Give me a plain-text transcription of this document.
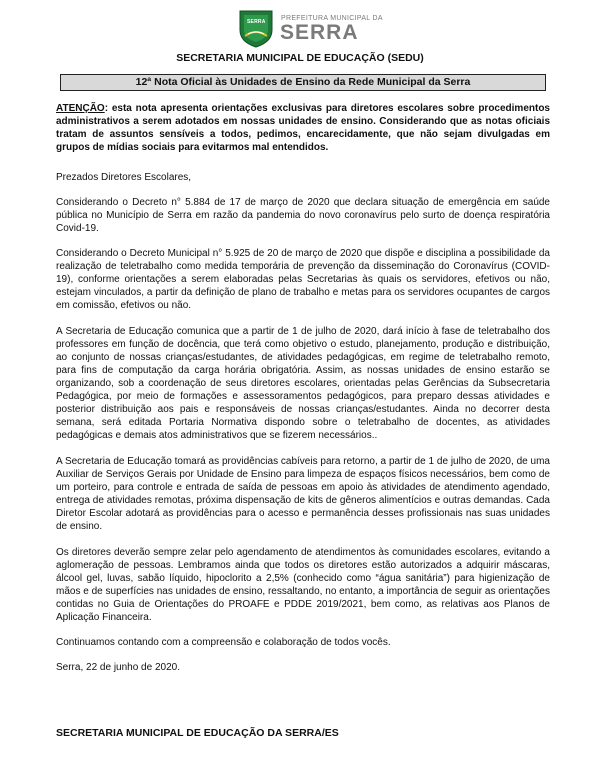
SERRA PREFEITURA MUNICIPAL DA
SERRA
SECRETARIA MUNICIPAL DE EDUCAÇÃO (SEDU)
12ª Nota Oficial às Unidades de Ensino da Rede Municipal da Serra

ATENÇÃO: esta nota apresenta orientações exclusivas para diretores escolares sobre procedimentos administrativos a serem adotados em nossas unidades de ensino. Considerando que as notas oficiais tratam de assuntos sensíveis a todos, pedimos, encarecidamente, que não sejam divulgadas em grupos de mídias sociais para evitarmos mal entendidos.

Prezados Diretores Escolares,

Considerando o Decreto n° 5.884 de 17 de março de 2020 que declara situação de emergência em saúde pública no Município de Serra em razão da pandemia do novo coronavírus pelo surto de doença respiratória Covid-19.

Considerando o Decreto Municipal n° 5.925 de 20 de março de 2020 que dispõe e disciplina a possibilidade da realização de teletrabalho como medida temporária de prevenção da disseminação do Coronavírus (COVID-19), conforme orientações a serem elaboradas pelas Secretarias às quais os servidores, efetivos ou não, estejam vinculados, a partir da definição de plano de trabalho e metas para os servidores ocupantes de cargos em comissão, efetivos ou não.

A Secretaria de Educação comunica que a partir de 1 de julho de 2020, dará início à fase de teletrabalho dos professores em função de docência, que terá como objetivo o estudo, planejamento, produção e distribuição, ao conjunto de nossas crianças/estudantes, de atividades pedagógicas, em regime de teletrabalho remoto, para fins de computação da carga horária obrigatória. Assim, as nossas unidades de ensino estarão se organizando, sob a coordenação de seus diretores escolares, orientadas pelas Gerências da Subsecretaria Pedagógica, por meio de formações e assessoramentos pedagógicos, para preparo dessas atividades e posterior distribuição aos pais e responsáveis de nossas crianças/estudantes. Ainda no decorrer desta semana, será editada Portaria Normativa dispondo sobre o teletrabalho de docentes, as atividades pedagógicas e demais atos administrativos que se fizerem necessários..

A Secretaria de Educação tomará as providências cabíveis para retorno, a partir de 1 de julho de 2020, de uma Auxiliar de Serviços Gerais por Unidade de Ensino para limpeza de espaços físicos necessários, bem como de um porteiro, para controle e entrada de saída de pessoas em apoio às atividades de atendimento agendado, entrega de atividades remotas, próxima dispensação de kits de gêneros alimentícios e outras demandas. Cada Diretor Escolar adotará as providências para o acesso e permanência desses profissionais nas suas unidades de ensino.

Os diretores deverão sempre zelar pelo agendamento de atendimentos às comunidades escolares, evitando a aglomeração de pessoas. Lembramos ainda que todos os diretores estão autorizados a adquirir máscaras, álcool gel, luvas, sabão líquido, hipoclorito a 2,5% (conhecido como “água sanitária”) para higienização de mãos e de superfícies nas unidades de ensino, ressaltando, no entanto, a importância de seguir as orientações contidas no Guia de Orientações do PROAFE e PDDE 2019/2021, bem como, as relativas aos Planos de Aplicação Financeira.

Continuamos contando com a compreensão e colaboração de todos vocês.

Serra, 22 de junho de 2020.

SECRETARIA MUNICIPAL DE EDUCAÇÃO DA SERRA/ES
